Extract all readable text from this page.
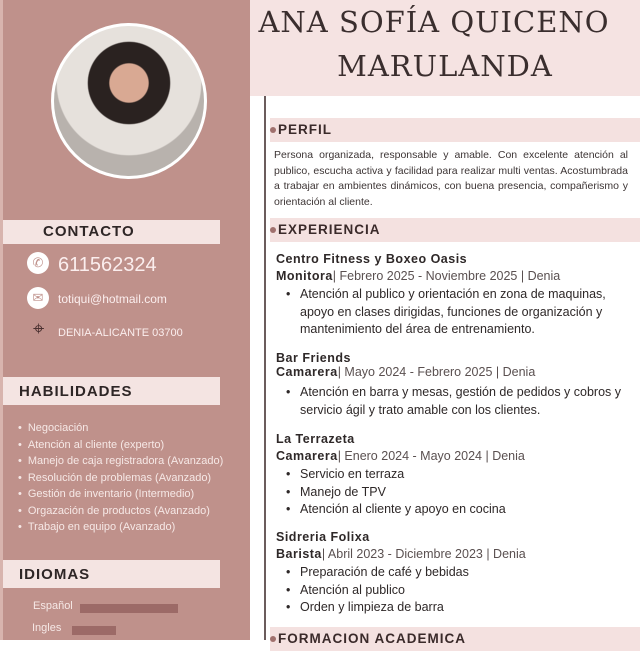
CONTACTO
✆ 611562324
✉	totiqui@hotmail.com
⌖ DENIA-ALICANTE 03700
HABILIDADES
• Negociación
• Atención al cliente (experto)
• Manejo de caja registradora (Avanzado)
• Resolución de problemas (Avanzado)
• Gestión de inventario (Intermedio)
• Orgazación de productos (Avanzado)
• Trabajo en equipo (Avanzado)
IDIOMAS
Español
Ingles
ANA SOFÍA QUICENO
MARULANDA
PERFIL
Persona organizada, responsable y amable. Con excelente atención al publico, escucha activa y facilidad para realizar multi ventas. Acostumbrada a trabajar en ambientes dinámicos, con buena presencia, compañerismo y orientación al cliente.
EXPERIENCIA
Centro Fitness y Boxeo Oasis
Monitora| Febrero 2025 - Noviembre 2025 | Denia
• Atención al publico y orientación en zona de maquinas, apoyo en clases dirigidas, funciones de organización y mantenimiento del área de entrenamiento.
Bar Friends
Camarera| Mayo 2024 - Febrero 2025 | Denia
• Atención en barra y mesas, gestión de pedidos y cobros y servicio ágil y trato amable con los clientes.
La Terrazeta
Camarera| Enero 2024 - Mayo 2024 | Denia
• Servicio en terraza
• Manejo de TPV
• Atención al cliente y apoyo en cocina
Sidreria Folixa
Barista| Abril 2023 - Diciembre 2023 | Denia
• Preparación de café y bebidas
• Atención al publico
• Orden y limpieza de barra
FORMACION ACADEMICA
